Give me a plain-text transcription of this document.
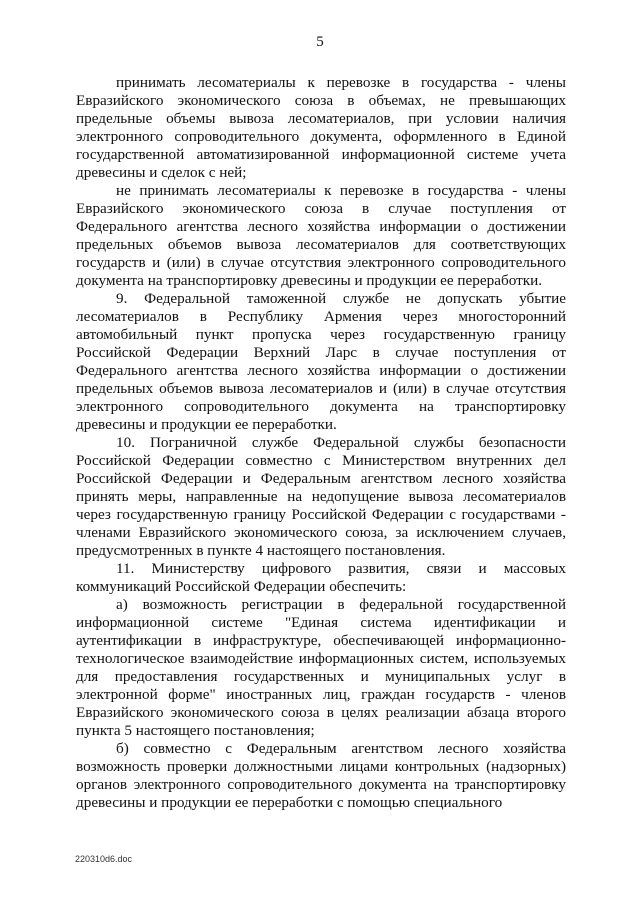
5

принимать лесоматериалы к перевозке в государства - члены Евразийского экономического союза в объемах, не превышающих предельные объемы вывоза лесоматериалов, при условии наличия электронного сопроводительного документа, оформленного в Единой государственной автоматизированной информационной системе учета древесины и сделок с ней;

не принимать лесоматериалы к перевозке в государства - члены Евразийского экономического союза в случае поступления от Федерального агентства лесного хозяйства информации о достижении предельных объемов вывоза лесоматериалов для соответствующих государств и (или) в случае отсутствия электронного сопроводительного документа на транспортировку древесины и продукции ее переработки.

9. Федеральной таможенной службе не допускать убытие лесоматериалов в Республику Армения через многосторонний автомобильный пункт пропуска через государственную границу Российской Федерации Верхний Ларс в случае поступления от Федерального агентства лесного хозяйства информации о достижении предельных объемов вывоза лесоматериалов и (или) в случае отсутствия электронного сопроводительного документа на транспортировку древесины и продукции ее переработки.

10. Пограничной службе Федеральной службы безопасности Российской Федерации совместно с Министерством внутренних дел Российской Федерации и Федеральным агентством лесного хозяйства принять меры, направленные на недопущение вывоза лесоматериалов через государственную границу Российской Федерации с государствами - членами Евразийского экономического союза, за исключением случаев, предусмотренных в пункте 4 настоящего постановления.

11. Министерству цифрового развития, связи и массовых коммуникаций Российской Федерации обеспечить:

а) возможность регистрации в федеральной государственной информационной системе "Единая система идентификации и аутентификации в инфраструктуре, обеспечивающей информационно-технологическое взаимодействие информационных систем, используемых для предоставления государственных и муниципальных услуг в электронной форме" иностранных лиц, граждан государств - членов Евразийского экономического союза в целях реализации абзаца второго пункта 5 настоящего постановления;

б) совместно с Федеральным агентством лесного хозяйства возможность проверки должностными лицами контрольных (надзорных) органов электронного сопроводительного документа на транспортировку древесины и продукции ее переработки с помощью специального

220310d6.doc
